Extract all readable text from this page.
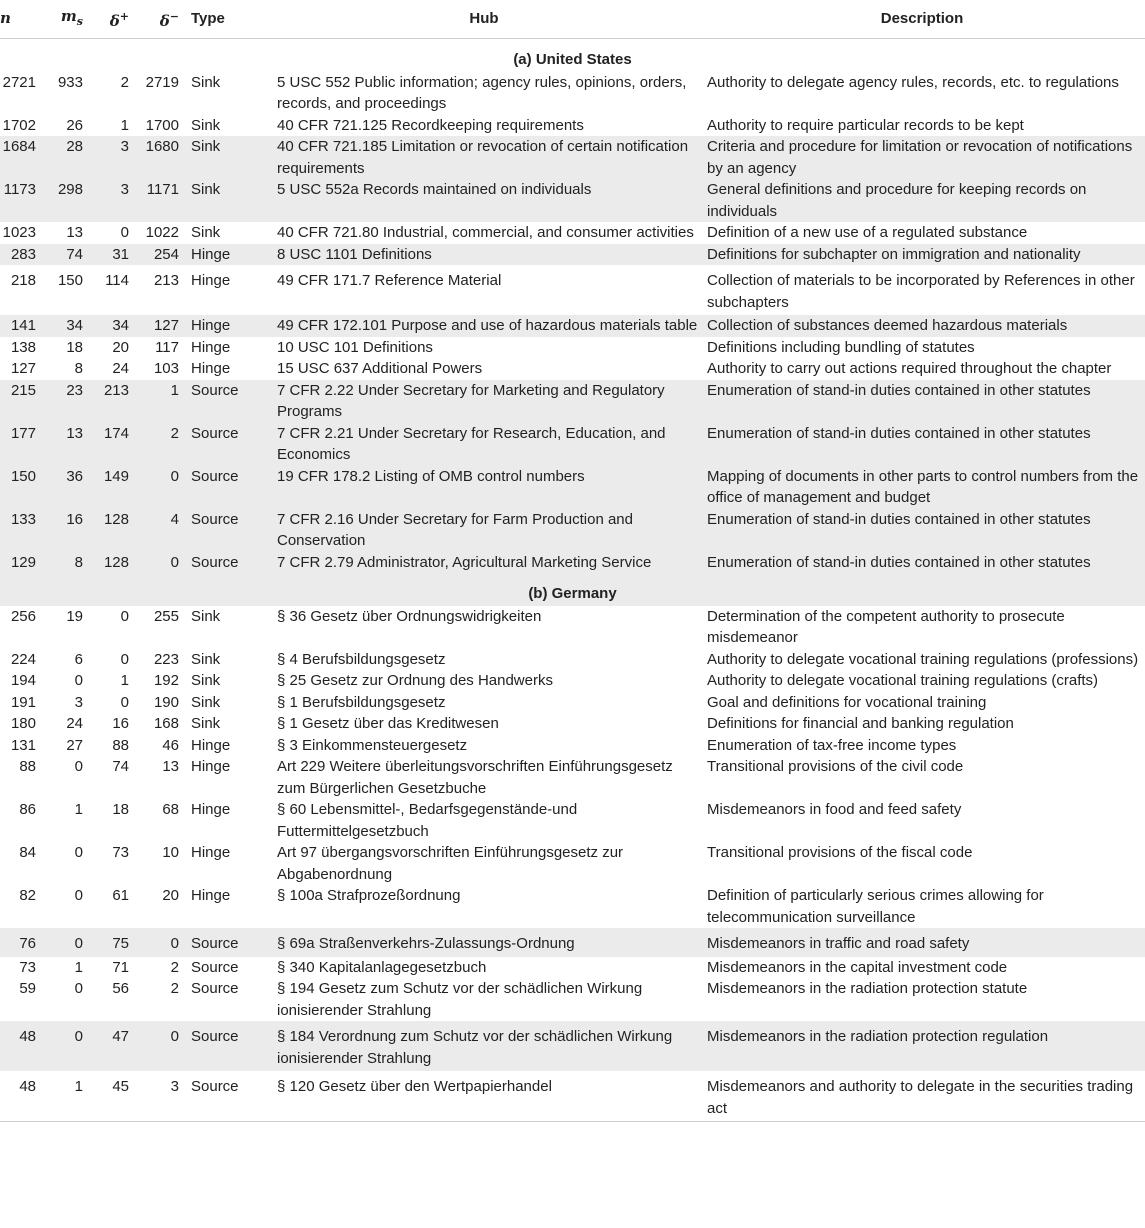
n	$m_s$	δ+	δ−	Type	Hub	Description
(a) United States						
2721	933	2	2719	Sink	5 USC 552 Public information; agency rules, opinions, orders, records, and proceedings	Authority to delegate agency rules, records, etc. to regulations
1702	26	1	1700	Sink	40 CFR 721.125 Recordkeeping requirements	Authority to require particular records to be kept
1684	28	3	1680	Sink	40 CFR 721.185 Limitation or revocation of certain notification requirements	Criteria and procedure for limitation or revocation of notifications by an agency
1173	298	3	1171	Sink	5 USC 552a Records maintained on individuals	General definitions and procedure for keeping records on individuals
1023	13	0	1022	Sink	40 CFR 721.80 Industrial, commercial, and consumer activities	Definition of a new use of a regulated substance
283	74	31	254	Hinge	8 USC 1101 Definitions	Definitions for subchapter on immigration and nationality
218	150	114	213	Hinge	49 CFR 171.7 Reference Material	Collection of materials to be incorporated by References in other subchapters
141	34	34	127	Hinge	49 CFR 172.101 Purpose and use of hazardous materials table	Collection of substances deemed hazardous materials
138	18	20	117	Hinge	10 USC 101 Definitions	Definitions including bundling of statutes
127	8	24	103	Hinge	15 USC 637 Additional Powers	Authority to carry out actions required throughout the chapter
215	23	213	1	Source	7 CFR 2.22 Under Secretary for Marketing and Regulatory Programs	Enumeration of stand-in duties contained in other statutes
177	13	174	2	Source	7 CFR 2.21 Under Secretary for Research, Education, and Economics	Enumeration of stand-in duties contained in other statutes
150	36	149	0	Source	19 CFR 178.2 Listing of OMB control numbers	Mapping of documents in other parts to control numbers from the office of management and budget
133	16	128	4	Source	7 CFR 2.16 Under Secretary for Farm Production and Conservation	Enumeration of stand-in duties contained in other statutes
129	8	128	0	Source	7 CFR 2.79 Administrator, Agricultural Marketing Service	Enumeration of stand-in duties contained in other statutes
(b) Germany						
256	19	0	255	Sink	§ 36 Gesetz über Ordnungswidrigkeiten	Determination of the competent authority to prosecute misdemeanor
224	6	0	223	Sink	§ 4 Berufsbildungsgesetz	Authority to delegate vocational training regulations (professions)
194	0	1	192	Sink	§ 25 Gesetz zur Ordnung des Handwerks	Authority to delegate vocational training regulations (crafts)
191	3	0	190	Sink	§ 1 Berufsbildungsgesetz	Goal and definitions for vocational training
180	24	16	168	Sink	§ 1 Gesetz über das Kreditwesen	Definitions for financial and banking regulation
131	27	88	46	Hinge	§ 3 Einkommensteuergesetz	Enumeration of tax-free income types
88	0	74	13	Hinge	Art 229 Weitere überleitungsvorschriften Einführungsgesetz zum Bürgerlichen Gesetzbuche	Transitional provisions of the civil code
86	1	18	68	Hinge	§ 60 Lebensmittel-, Bedarfsgegenstände-und Futtermittelgesetzbuch	Misdemeanors in food and feed safety
84	0	73	10	Hinge	Art 97 übergangsvorschriften Einführungsgesetz zur Abgabenordnung	Transitional provisions of the fiscal code
82	0	61	20	Hinge	§ 100a Strafprozeßordnung	Definition of particularly serious crimes allowing for telecommunication surveillance
76	0	75	0	Source	§ 69a Straßenverkehrs-Zulassungs-Ordnung	Misdemeanors in traffic and road safety
73	1	71	2	Source	§ 340 Kapitalanlagegesetzbuch	Misdemeanors in the capital investment code
59	0	56	2	Source	§ 194 Gesetz zum Schutz vor der schädlichen Wirkung ionisierender Strahlung	Misdemeanors in the radiation protection statute
48	0	47	0	Source	§ 184 Verordnung zum Schutz vor der schädlichen Wirkung ionisierender Strahlung	Misdemeanors in the radiation protection regulation
48	1	45	3	Source	§ 120 Gesetz über den Wertpapierhandel	Misdemeanors and authority to delegate in the securities trading act
